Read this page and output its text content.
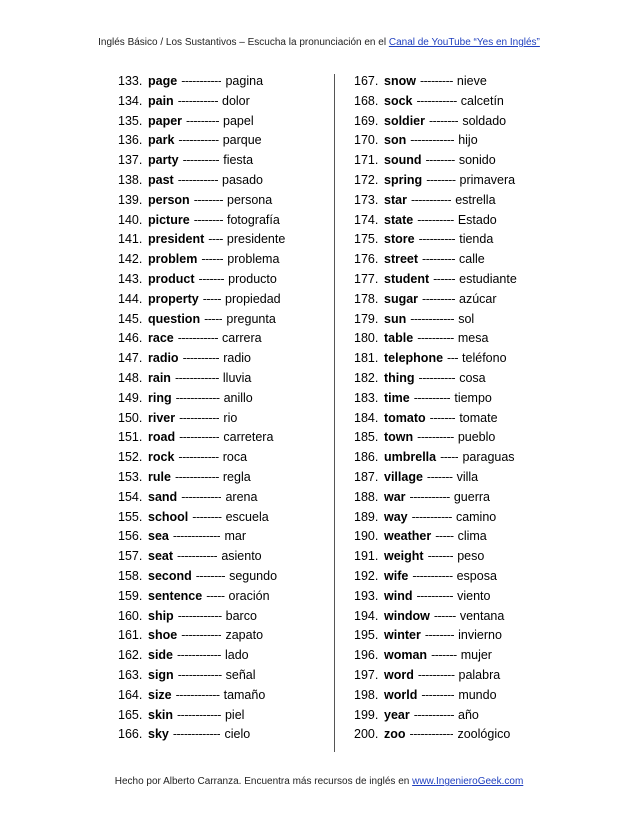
Inglés Básico / Los Sustantivos – Escucha la pronunciación en el Canal de YouTube “Yes en Inglés”
133. page ----------- pagina
134. pain ----------- dolor
135. paper --------- papel
136. park ----------- parque
137. party ---------- fiesta
138. past ----------- pasado
139. person -------- persona
140. picture -------- fotografía
141. president ---- presidente
142. problem ------ problema
143. product ------- producto
144. property ----- propiedad
145. question ----- pregunta
146. race ----------- carrera
147. radio ---------- radio
148. rain ------------ lluvia
149. ring ------------ anillo
150. river ----------- rio
151. road ----------- carretera
152. rock ----------- roca
153. rule ------------ regla
154. sand ----------- arena
155. school -------- escuela
156. sea ------------- mar
157. seat ----------- asiento
158. second -------- segundo
159. sentence ----- oración
160. ship ------------ barco
161. shoe ----------- zapato
162. side ------------ lado
163. sign ------------ señal
164. size ------------ tamaño
165. skin ------------ piel
166. sky ------------- cielo
167. snow --------- nieve
168. sock ----------- calcetín
169. soldier -------- soldado
170. son ------------ hijo
171. sound -------- sonido
172. spring -------- primavera
173. star ----------- estrella
174. state ---------- Estado
175. store ---------- tienda
176. street --------- calle
177. student ------ estudiante
178. sugar --------- azúcar
179. sun ------------ sol
180. table ---------- mesa
181. telephone --- teléfono
182. thing ---------- cosa
183. time ---------- tiempo
184. tomato ------- tomate
185. town ---------- pueblo
186. umbrella ----- paraguas
187. village ------- villa
188. war ----------- guerra
189. way ----------- camino
190. weather ----- clima
191. weight ------- peso
192. wife ----------- esposa
193. wind ---------- viento
194. window ------ ventana
195. winter -------- invierno
196. woman ------- mujer
197. word ---------- palabra
198. world --------- mundo
199. year ----------- año
200. zoo ------------ zoológico
Hecho por Alberto Carranza. Encuentra más recursos de inglés en www.IngenieroGeek.com
